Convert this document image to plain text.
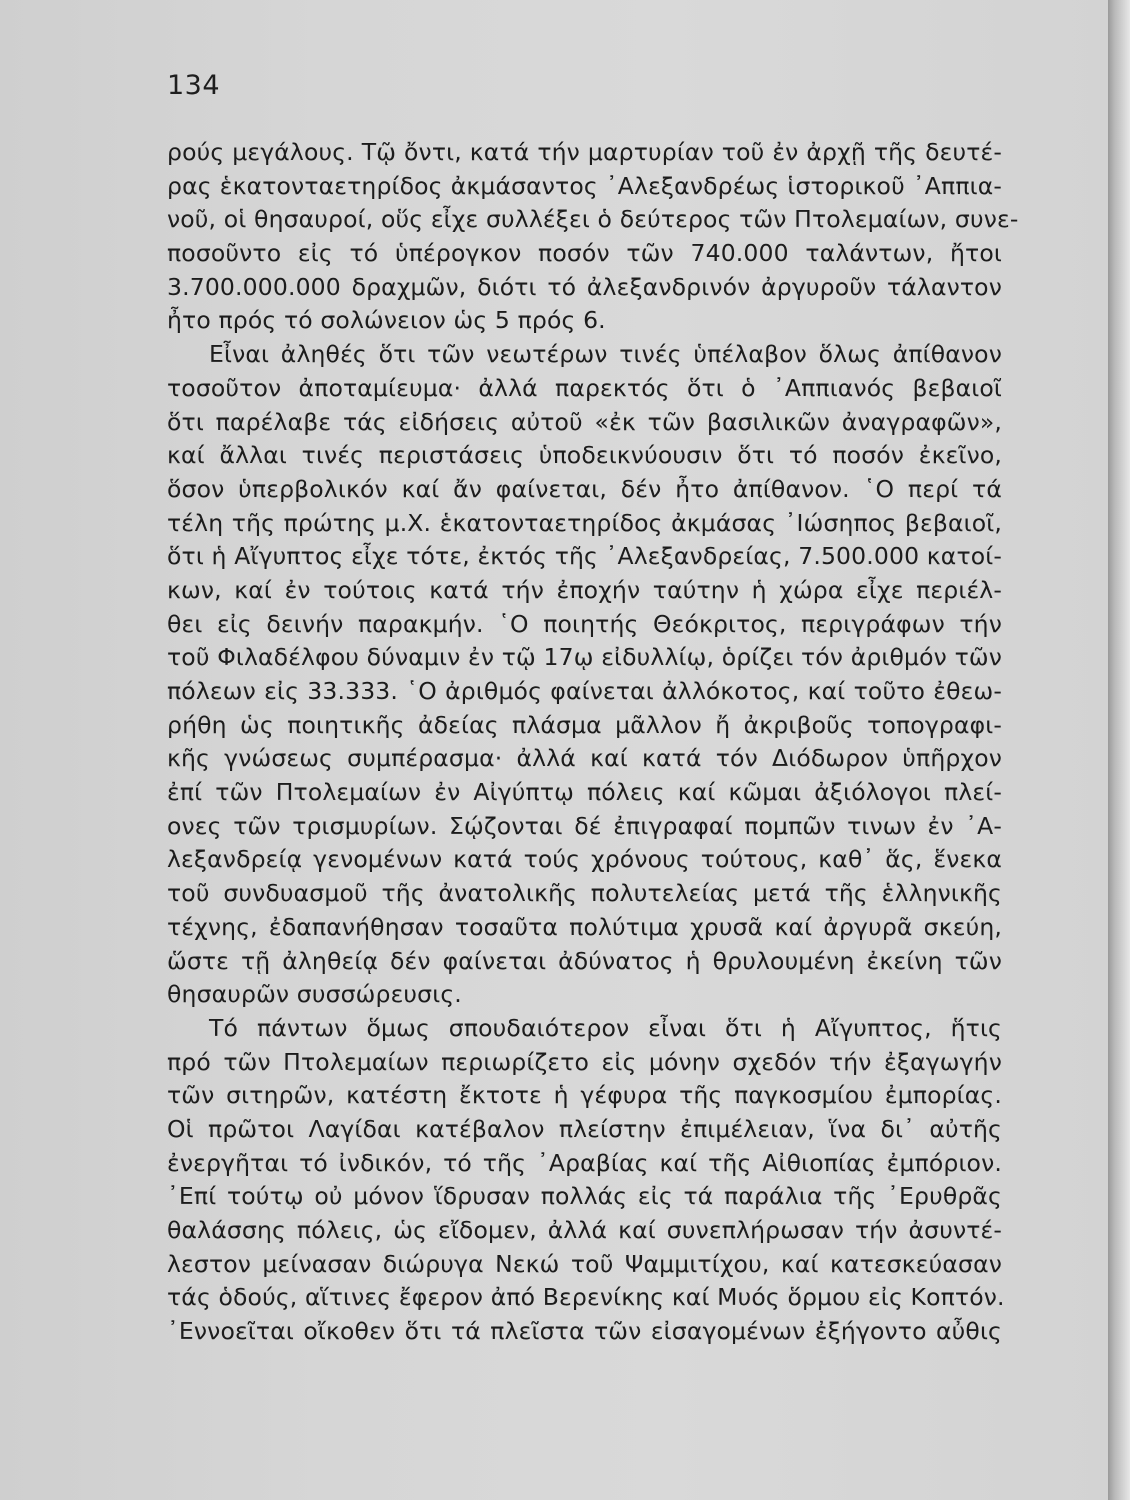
134
ρούς μεγάλους. Τῷ ὄντι, κατά τήν μαρτυρίαν τοῦ ἐν ἀρχῇ τῆς δευτέ-
ρας ἑκατονταετηρίδος ἀκμάσαντος ᾿Αλεξανδρέως ἱστορικοῦ ᾿Αππια-
νοῦ, οἱ θησαυροί, οὕς εἶχε συλλέξει ὁ δεύτερος τῶν Πτολεμαίων, συνε-
ποσοῦντο εἰς τό ὑπέρογκον ποσόν τῶν 740.000 ταλάντων, ἤτοι
3.700.000.000 δραχμῶν, διότι τό ἀλεξανδρινόν ἀργυροῦν τάλαντον
ἦτο πρός τό σολώνειον ὡς 5 πρός 6.
Εἶναι ἀληθές ὅτι τῶν νεωτέρων τινές ὑπέλαβον ὅλως ἀπίθανον
τοσοῦτον ἀποταμίευμα· ἀλλά παρεκτός ὅτι ὁ ᾿Αππιανός βεβαιοῖ
ὅτι παρέλαβε τάς εἰδήσεις αὐτοῦ «ἐκ τῶν βασιλικῶν ἀναγραφῶν»,
καί ἄλλαι τινές περιστάσεις ὑποδεικνύουσιν ὅτι τό ποσόν ἐκεῖνο,
ὅσον ὑπερβολικόν καί ἄν φαίνεται, δέν ἦτο ἀπίθανον. ῾Ο περί τά
τέλη τῆς πρώτης μ.Χ. ἑκατονταετηρίδος ἀκμάσας ᾿Ιώσηπος βεβαιοῖ,
ὅτι ἡ Αἴγυπτος εἶχε τότε, ἐκτός τῆς ᾿Αλεξανδρείας, 7.500.000 κατοί-
κων, καί ἐν τούτοις κατά τήν ἐποχήν ταύτην ἡ χώρα εἶχε περιέλ-
θει εἰς δεινήν παρακμήν. ῾Ο ποιητής Θεόκριτος, περιγράφων τήν
τοῦ Φιλαδέλφου δύναμιν ἐν τῷ 17ῳ εἰδυλλίῳ, ὁρίζει τόν ἀριθμόν τῶν
πόλεων εἰς 33.333. ῾Ο ἀριθμός φαίνεται ἀλλόκοτος, καί τοῦτο ἐθεω-
ρήθη ὡς ποιητικῆς ἀδείας πλάσμα μᾶλλον ἤ ἀκριβοῦς τοπογραφι-
κῆς γνώσεως συμπέρασμα· ἀλλά καί κατά τόν Διόδωρον ὑπῆρχον
ἐπί τῶν Πτολεμαίων ἐν Αἰγύπτῳ πόλεις καί κῶμαι ἀξιόλογοι πλεί-
ονες τῶν τρισμυρίων. Σῴζονται δέ ἐπιγραφαί πομπῶν τινων ἐν ᾿Α-
λεξανδρείᾳ γενομένων κατά τούς χρόνους τούτους, καθ᾿ ἅς, ἕνεκα
τοῦ συνδυασμοῦ τῆς ἀνατολικῆς πολυτελείας μετά τῆς ἑλληνικῆς
τέχνης, ἐδαπανήθησαν τοσαῦτα πολύτιμα χρυσᾶ καί ἀργυρᾶ σκεύη,
ὥστε τῇ ἀληθείᾳ δέν φαίνεται ἀδύνατος ἡ θρυλουμένη ἐκείνη τῶν
θησαυρῶν συσσώρευσις.
Τό πάντων ὅμως σπουδαιότερον εἶναι ὅτι ἡ Αἴγυπτος, ἥτις
πρό τῶν Πτολεμαίων περιωρίζετο εἰς μόνην σχεδόν τήν ἐξαγωγήν
τῶν σιτηρῶν, κατέστη ἔκτοτε ἡ γέφυρα τῆς παγκοσμίου ἐμπορίας.
Οἱ πρῶτοι Λαγίδαι κατέβαλον πλείστην ἐπιμέλειαν, ἵνα δι᾿ αὐτῆς
ἐνεργῆται τό ἰνδικόν, τό τῆς ᾿Αραβίας καί τῆς Αἰθιοπίας ἐμπόριον.
᾿Επί τούτῳ οὐ μόνον ἵδρυσαν πολλάς εἰς τά παράλια τῆς ᾿Ερυθρᾶς
θαλάσσης πόλεις, ὡς εἴδομεν, ἀλλά καί συνεπλήρωσαν τήν ἀσυντέ-
λεστον μείνασαν διώρυγα Νεκώ τοῦ Ψαμμιτίχου, καί κατεσκεύασαν
τάς ὁδούς, αἵτινες ἔφερον ἀπό Βερενίκης καί Μυός ὅρμου εἰς Κοπτόν.
᾿Εννοεῖται οἴκοθεν ὅτι τά πλεῖστα τῶν εἰσαγομένων ἐξήγοντο αὖθις
